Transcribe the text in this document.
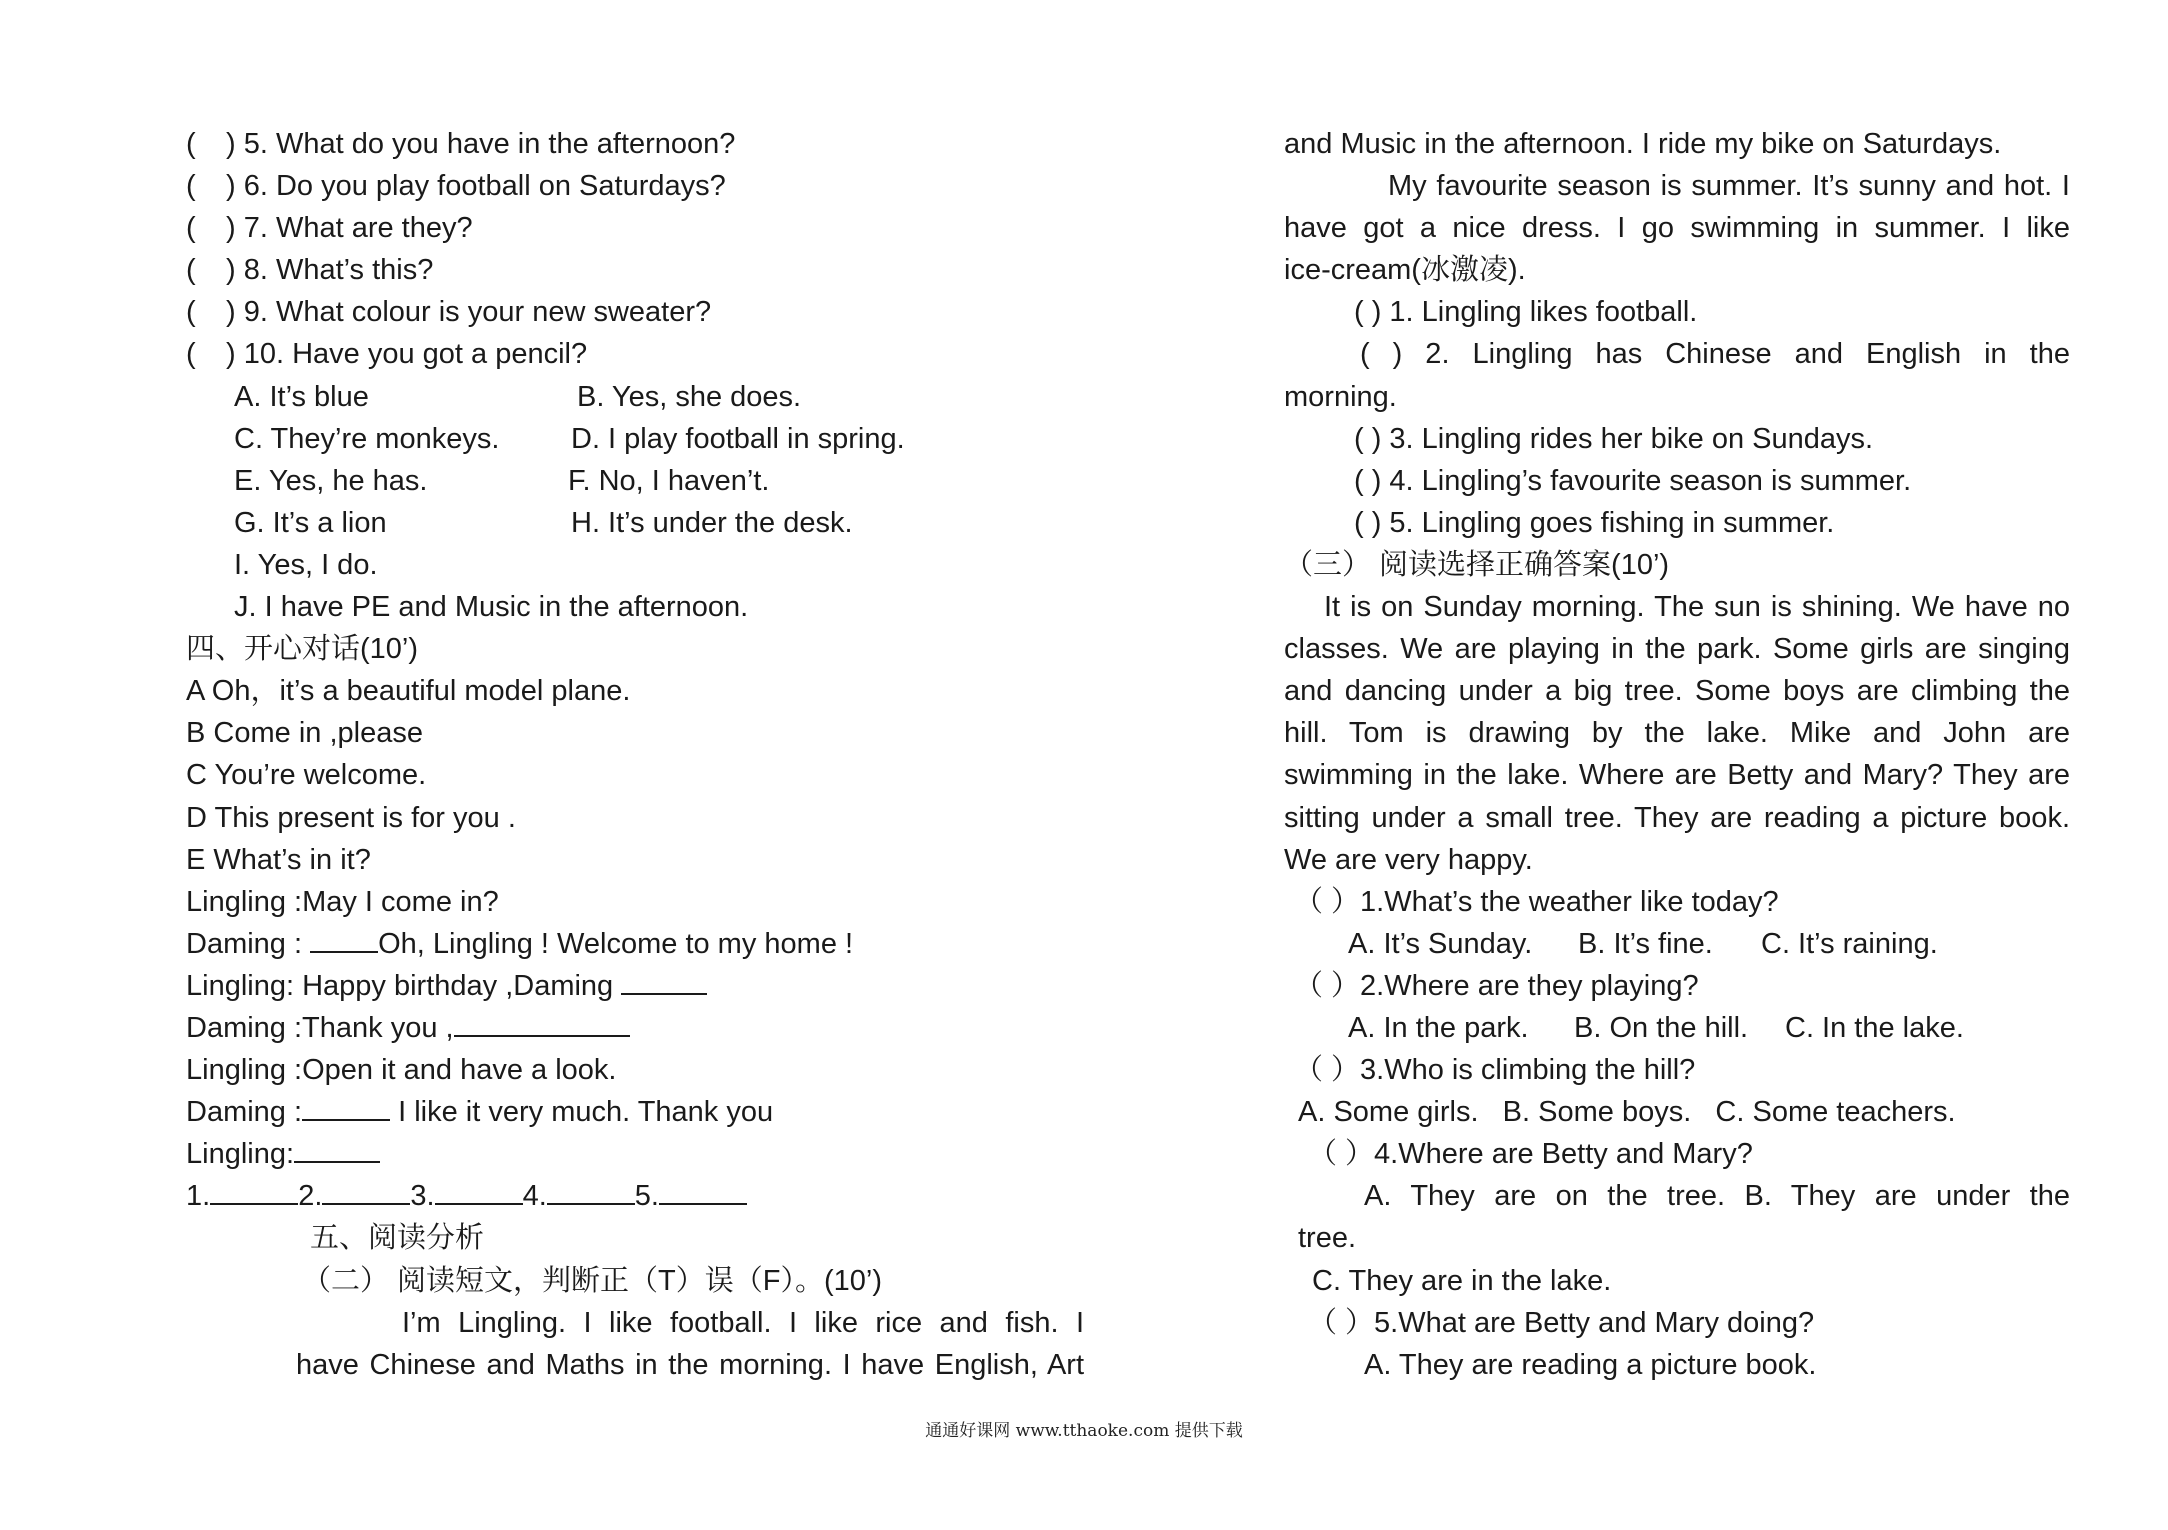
( ) 5. What do you have in the afternoon?
( ) 6. Do you play football on Saturdays?
( ) 7. What are they?
( ) 8. What’s this?
( ) 9. What colour is your new sweater?
( ) 10. Have you got a pencil?
A. It’s blue	B. Yes, she does.
C. They’re monkeys. D. I play football in spring.
E. Yes, he has.	F. No, I haven’t.
G. It’s a lion	H. It’s under the desk.
I. Yes, I do.
J. I have PE and Music in the afternoon.
四、开心对话(10’)
A Oh，it’s a beautiful model plane.
B Come in ,please
C You’re welcome.
D This present is for you .
E What’s in it?
Lingling :May I come in?
Daming : Oh, Lingling ! Welcome to my home !
Lingling: Happy birthday ,Daming
Daming :Thank you ,
Lingling :Open it and have a look.
Daming :	I like it very much. Thank you
Lingling:
1.	2.	3.	4.	5.
五、阅读分析
（二） 阅读短文，判断正（T）误（F）。(10’)
I’m Lingling. I like football. I like rice and fish. I
have Chinese and Maths in the morning. I have English, Art
and Music in the afternoon. I ride my bike on Saturdays.
My favourite season is summer. It’s sunny and hot. I
have got a nice dress. I go swimming in summer. I like
ice-cream(冰激凌).
( ) 1. Lingling likes football.
( ) 2. Lingling has Chinese and English in the
morning.
( ) 3. Lingling rides her bike on Sundays.
( ) 4. Lingling’s favourite season is summer.
( ) 5. Lingling goes fishing in summer.
（三） 阅读选择正确答案(10’)
It is on Sunday morning. The sun is shining. We have no
classes. We are playing in the park. Some girls are singing
and dancing under a big tree. Some boys are climbing the
hill. Tom is drawing by the lake. Mike and John are
swimming in the lake. Where are Betty and Mary? They are
sitting under a small tree. They are reading a picture book.
We are very happy.
（ ）1.What’s the weather like today?
A. It’s Sunday. B. It’s fine. C. It’s raining.
（ ）2.Where are they playing?
A. In the park. B. On the hill. C. In the lake.
（ ）3.Who is climbing the hill?
A. Some girls.   B. Some boys.   C. Some teachers.
（ ）4.Where are Betty and Mary?
A. They are on the tree. B. They are under the
tree.
C. They are in the lake.
（ ）5.What are Betty and Mary doing?
A. They are reading a picture book.
通通好课网 www.tthaoke.com 提供下载
